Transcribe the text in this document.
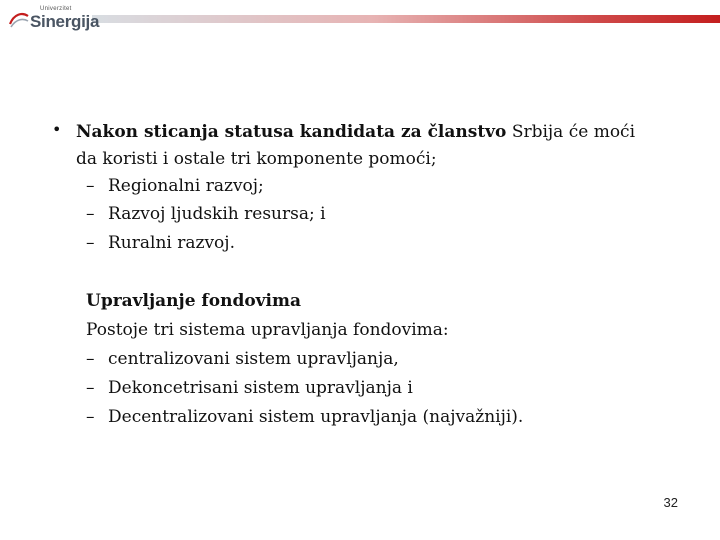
Univerzitet
Sinergija
• Nakon sticanja statusa kandidata za članstvo Srbija će moći
da koristi i ostale tri komponente pomoći;
– Regionalni razvoj;
– Razvoj ljudskih resursa; i
– Ruralni razvoj.
Upravljanje fondovima
Postoje tri sistema upravljanja fondovima:
– centralizovani sistem upravljanja,
– Dekoncetrisani sistem upravljanja i
– Decentralizovani sistem upravljanja (najvažniji).
32
